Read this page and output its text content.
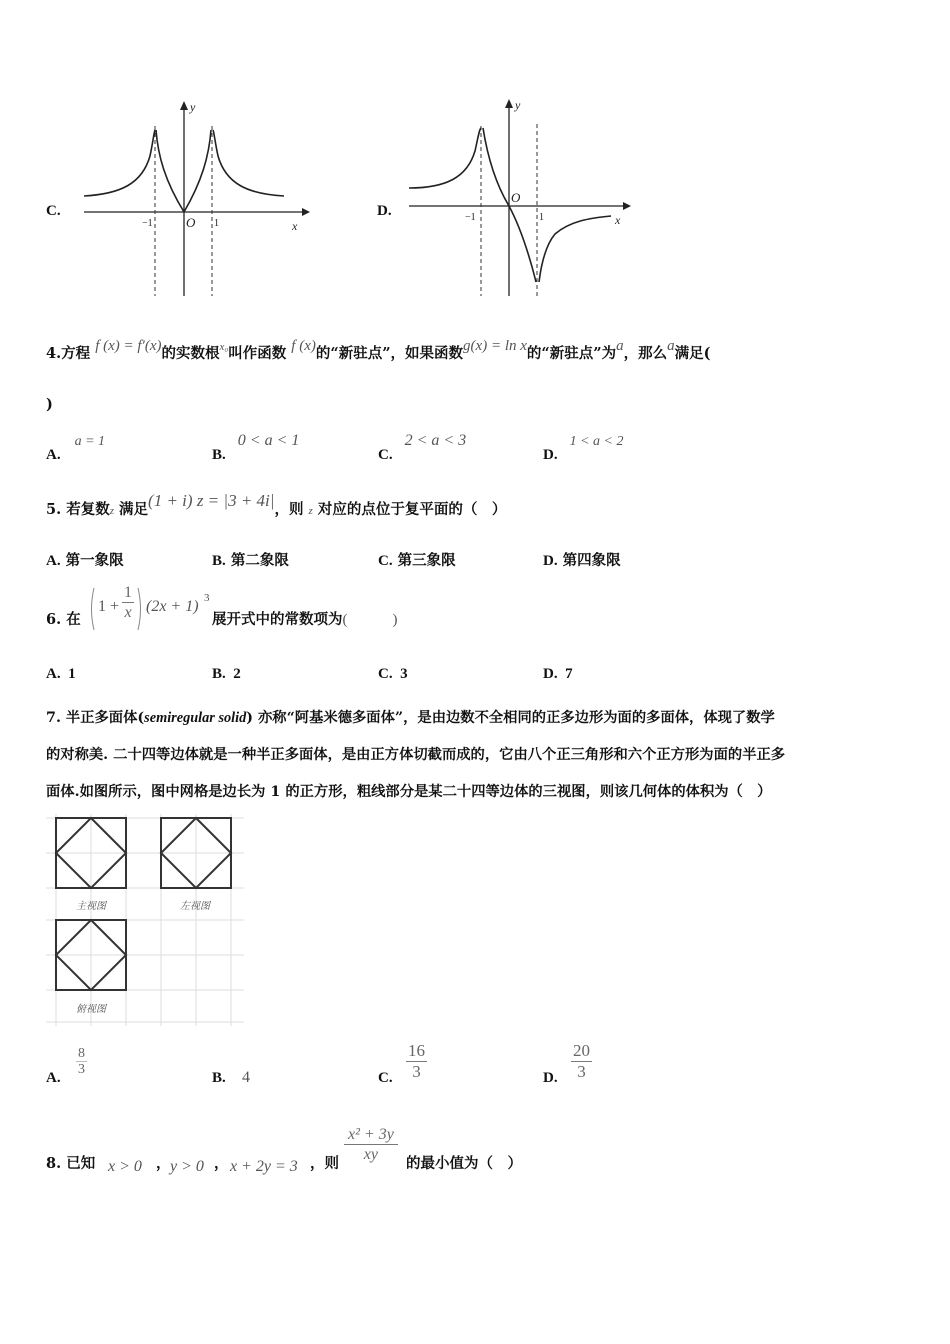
C.
y
x
O
−1	1
D.
y
x
O
−1	1
4.方程 f (x) = f′(x)的实数根$^{x_0}$叫作函数 f (x)的“新驻点”，如果函数g(x) = ln x的“新驻点”为a，那么a满足(
)
A.a = 1
B.0 < a < 1
C.2 < a < 3
D.1 < a < 2
5. 若复数z 满足(1 + i) z = |3 + 4i|，则 z 对应的点位于复平面的（　）
A. 第一象限	B. 第二象限	C. 第三象限	D. 第四象限
6. 在
$1 + \frac{1}{x} (2x + 1)$ 3
展开式中的常数项为(　　　)
A. 1	B. 2	C. 3	D. 7
7. 半正多面体(semiregular solid) 亦称“阿基米德多面体”，是由边数不全相同的正多边形为面的多面体，体现了数学
的对称美. 二十四等边体就是一种半正多面体，是由正方体切截而成的，它由八个正三角形和六个正方形为面的半正多
面体.如图所示，图中网格是边长为 1 的正方形，粗线部分是某二十四等边体的三视图，则该几何体的体积为（　）
主视图	左视图
俯视图
A. $\frac{8}{3}$	B. 4	C. $\frac{16}{3}$	D. $\frac{20}{3}$
8. 已知 x > 0 ， y > 0 ， x + 2y = 3 ，则 $\frac{\text{x² + 3y}}{xy}$ 的最小值为（　）
